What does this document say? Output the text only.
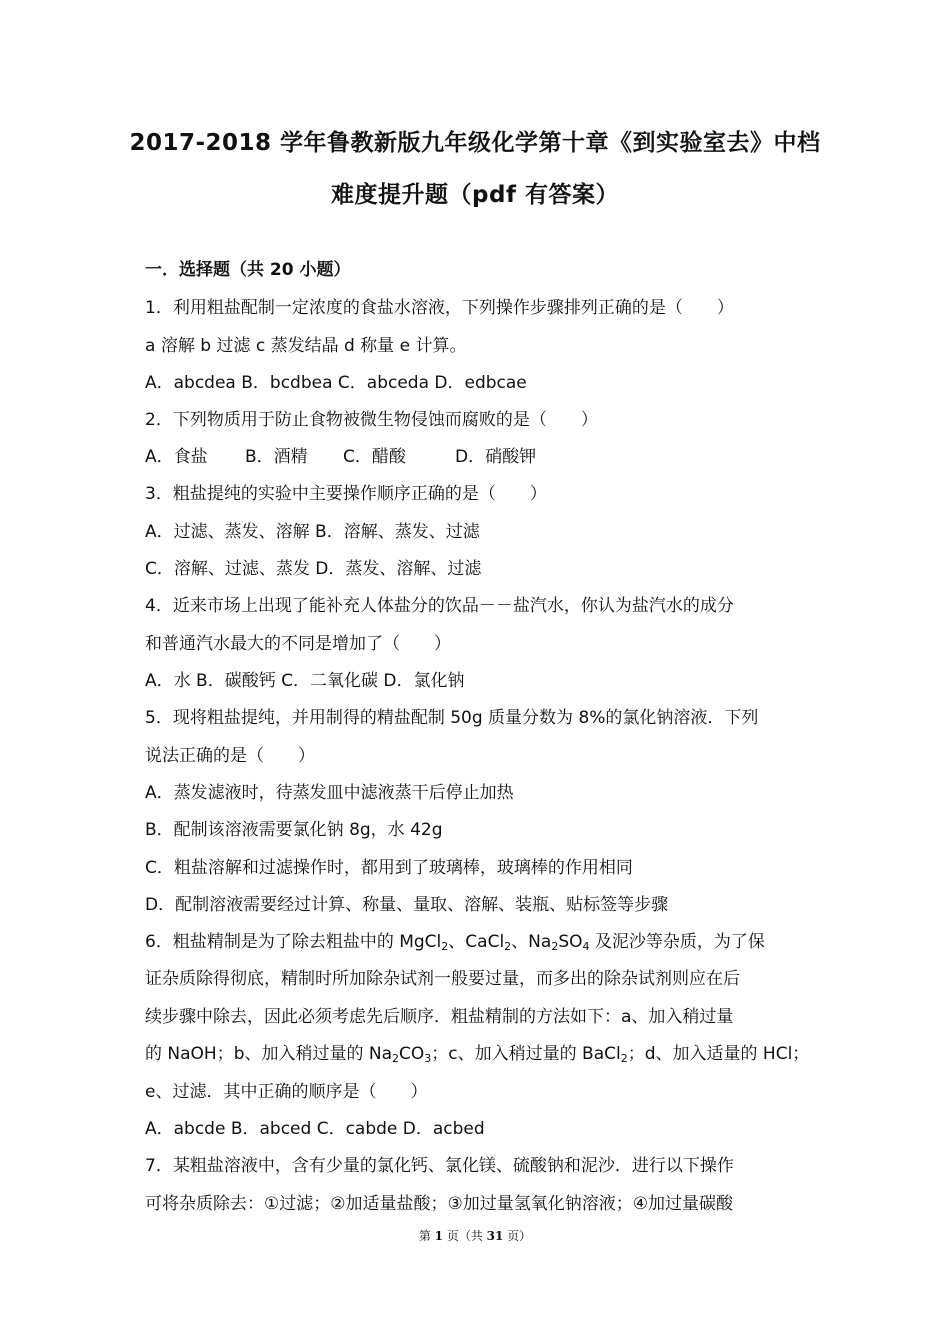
2017-2018 学年鲁教新版九年级化学第十章《到实验室去》中档
难度提升题（pdf 有答案）
一．选择题（共 20 小题）
1．利用粗盐配制一定浓度的食盐水溶液，下列操作步骤排列正确的是（　　）
a 溶解 b 过滤 c 蒸发结晶 d 称量 e 计算。
A．abcdea B．bcdbea C．abceda D．edbcae
2．下列物质用于防止食物被微生物侵蚀而腐败的是（　　）
A．食盐 B．酒精 C．醋酸	D．硝酸钾
3．粗盐提纯的实验中主要操作顺序正确的是（　　）
A．过滤、蒸发、溶解 B．溶解、蒸发、过滤
C．溶解、过滤、蒸发 D．蒸发、溶解、过滤
4．近来市场上出现了能补充人体盐分的饮品－－盐汽水，你认为盐汽水的成分
和普通汽水最大的不同是增加了（　　）
A．水 B．碳酸钙 C．二氧化碳 D．氯化钠
5．现将粗盐提纯，并用制得的精盐配制 50g 质量分数为 8%的氯化钠溶液．下列
说法正确的是（　　）
A．蒸发滤液时，待蒸发皿中滤液蒸干后停止加热
B．配制该溶液需要氯化钠 8g，水 42g
C．粗盐溶解和过滤操作时，都用到了玻璃棒，玻璃棒的作用相同
D．配制溶液需要经过计算、称量、量取、溶解、装瓶、贴标签等步骤
6．粗盐精制是为了除去粗盐中的 MgCl$_2$、CaCl$_2$、$Na_2SO_4$ 及泥沙等杂质，为了保
证杂质除得彻底，精制时所加除杂试剂一般要过量，而多出的除杂试剂则应在后
续步骤中除去，因此必须考虑先后顺序．粗盐精制的方法如下：a、加入稍过量
的 NaOH；b、加入稍过量的 $Na_2CO_3$；c、加入稍过量的 BaCl$_2$；d、加入适量的 HCl；
e、过滤．其中正确的顺序是（　　）
A．abcde B．abced C．cabde D．acbed
7．某粗盐溶液中，含有少量的氯化钙、氯化镁、硫酸钠和泥沙．进行以下操作
可将杂质除去：①过滤；②加适量盐酸；③加过量氢氧化钠溶液；④加过量碳酸
第 1 页（共 31 页）
